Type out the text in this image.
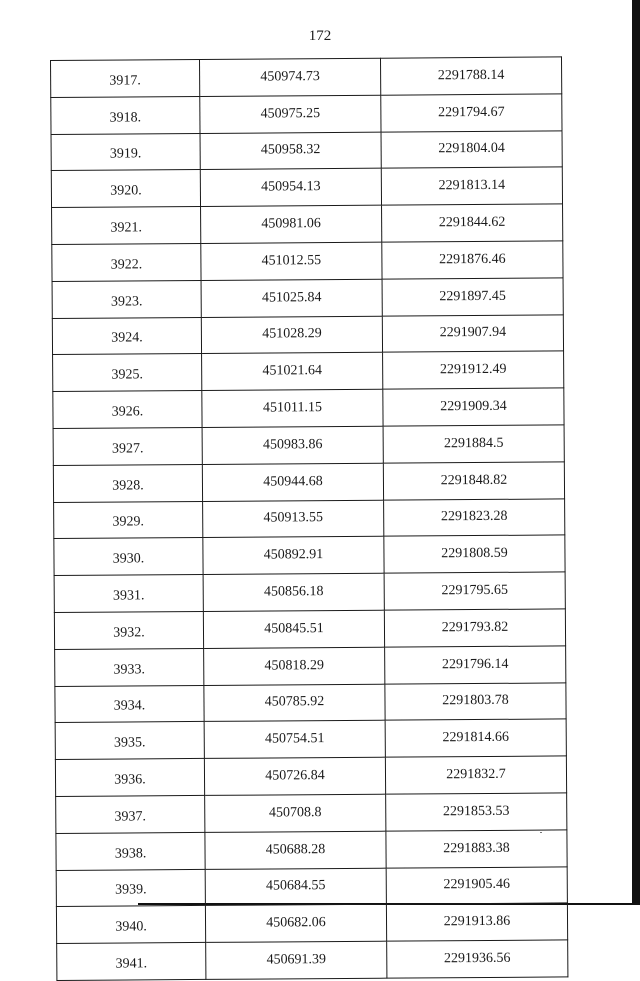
172
3917.	450974.73	2291788.14
3918.	450975.25	2291794.67
3919.	450958.32	2291804.04
3920.	450954.13	2291813.14
3921.	450981.06	2291844.62
3922.	451012.55	2291876.46
3923.	451025.84	2291897.45
3924.	451028.29	2291907.94
3925.	451021.64	2291912.49
3926.	451011.15	2291909.34
3927.	450983.86	2291884.5
3928.	450944.68	2291848.82
3929.	450913.55	2291823.28
3930.	450892.91	2291808.59
3931.	450856.18	2291795.65
3932.	450845.51	2291793.82
3933.	450818.29	2291796.14
3934.	450785.92	2291803.78
3935.	450754.51	2291814.66
3936.	450726.84	2291832.7
3937.	450708.8	2291853.53
3938.	450688.28	2291883.38
3939.	450684.55	2291905.46
3940.	450682.06	2291913.86
3941.	450691.39	2291936.56
